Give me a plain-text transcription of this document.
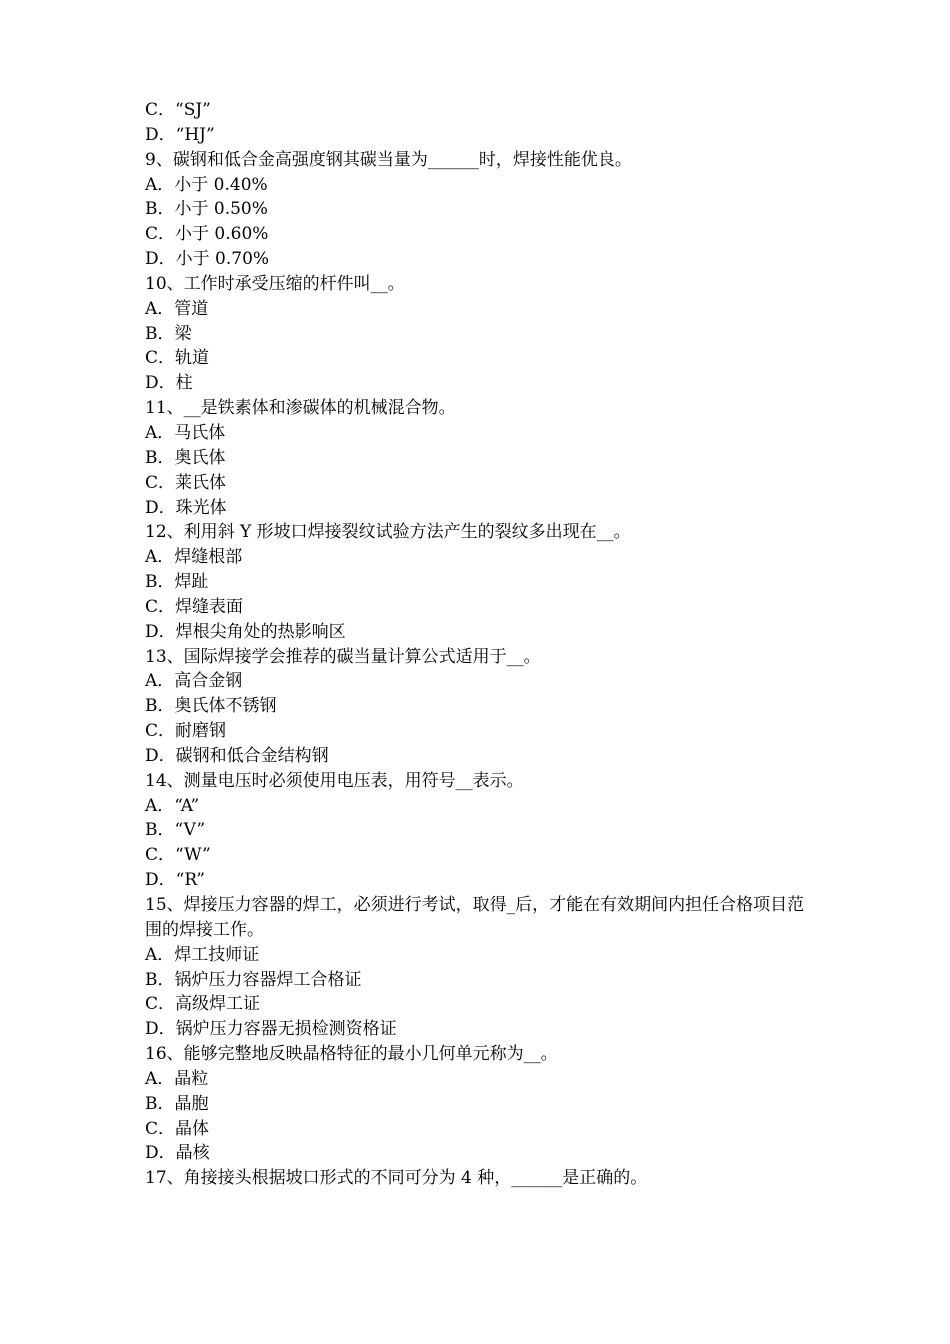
C．“SJ”
D．“HJ”
9、碳钢和低合金高强度钢其碳当量为______时，焊接性能优良。
A．小于 0.40%
B．小于 0.50%
C．小于 0.60%
D．小于 0.70%
10、工作时承受压缩的杆件叫__。
A．管道
B．梁
C．轨道
D．柱
11、__是铁素体和渗碳体的机械混合物。
A．马氏体
B．奥氏体
C．莱氏体
D．珠光体
12、利用斜 Y 形坡口焊接裂纹试验方法产生的裂纹多出现在__。
A．焊缝根部
B．焊趾
C．焊缝表面
D．焊根尖角处的热影响区
13、国际焊接学会推荐的碳当量计算公式适用于__。
A．高合金钢
B．奥氏体不锈钢
C．耐磨钢
D．碳钢和低合金结构钢
14、测量电压时必须使用电压表，用符号__表示。
A．“A”
B．“V”
C．“W”
D．“R”
15、焊接压力容器的焊工，必须进行考试，取得_后，才能在有效期间内担任合格项目范围的焊接工作。
A．焊工技师证
B．锅炉压力容器焊工合格证
C．高级焊工证
D．锅炉压力容器无损检测资格证
16、能够完整地反映晶格特征的最小几何单元称为__。
A．晶粒
B．晶胞
C．晶体
D．晶核
17、角接接头根据坡口形式的不同可分为 4 种，______是正确的。
